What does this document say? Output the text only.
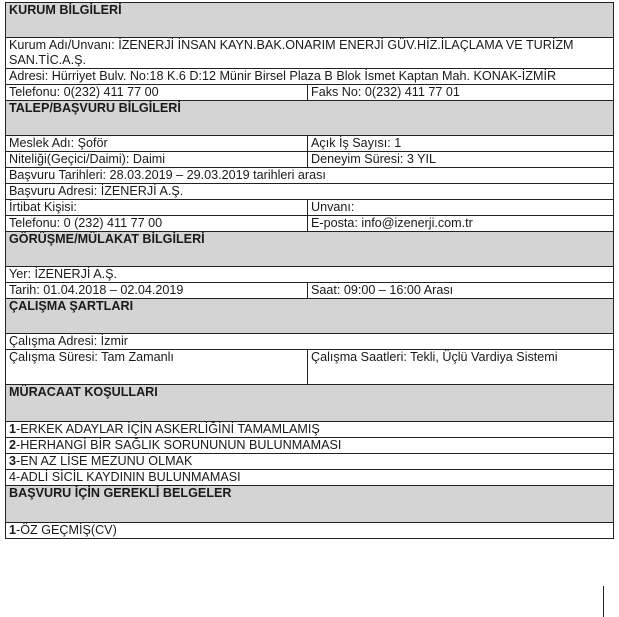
KURUM BİLGİLERİ	
Kurum Adı/Unvanı: İZENERJİ İNSAN KAYN.BAK.ONARIM ENERJİ GÜV.HİZ.İLAÇLAMA VE TURİZM SAN.TİC.A.Ş.	
Adresi: Hürriyet Bulv. No:18 K.6 D:12 Münir Birsel Plaza B Blok İsmet Kaptan Mah. KONAK-İZMİR	
Telefonu: 0(232) 411 77 00	Faks No: 0(232) 411 77 01
TALEP/BAŞVURU BİLGİLERİ	
Meslek Adı: Şoför	Açık İş Sayısı: 1
Niteliği(Geçici/Daimi): Daimi	Deneyim Süresi: 3 YIL
Başvuru Tarihleri: 28.03.2019 – 29.03.2019 tarihleri arası	
Başvuru Adresi: İZENERJİ A.Ş.	
İrtibat Kişisi:	Unvanı:
Telefonu: 0 (232) 411 77 00	E-posta: info@izenerji.com.tr
GÖRÜŞME/MÜLAKAT BİLGİLERİ	
Yer: İZENERJİ A.Ş.	
Tarih: 01.04.2018 – 02.04.2019	Saat: 09:00 – 16:00 Arası
ÇALIŞMA ŞARTLARI	
Çalışma Adresi: İzmir	
Çalışma Süresi: Tam Zamanlı	Çalışma Saatleri: Tekli, Üçlü Vardiya Sistemi
MÜRACAAT KOŞULLARI	
1-ERKEK ADAYLAR İÇİN ASKERLİĞİNİ TAMAMLAMIŞ	
2-HERHANGİ BİR SAĞLIK SORUNUNUN BULUNMAMASI	
3-EN AZ LİSE MEZUNU OLMAK	
4-ADLİ SİCİL KAYDININ BULUNMAMASI	
BAŞVURU İÇİN GEREKLİ BELGELER	
1-ÖZ GEÇMİŞ(CV)	
